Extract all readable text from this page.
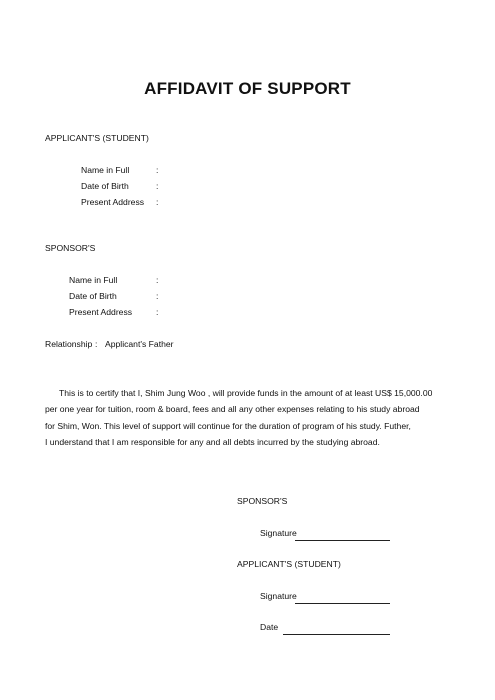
AFFIDAVIT OF SUPPORT
APPLICANT'S (STUDENT)
Name in Full	:
Date of Birth	:
Present Address :
SPONSOR'S
Name in Full	:
Date of Birth	:
Present Address	:
Relationship : Applicant's Father

This is to certify that I, Shim Jung Woo , will provide funds in the amount of at least US$ 15,000.00

per one year for tuition, room & board, fees and all any other expenses relating to his study abroad

for Shim, Won. This level of support will continue for the duration of program of his study. Futher,

I understand that I am responsible for any and all debts incurred by the studying abroad.

SPONSOR'S
Signature
APPLICANT'S (STUDENT)
Signature
Date
